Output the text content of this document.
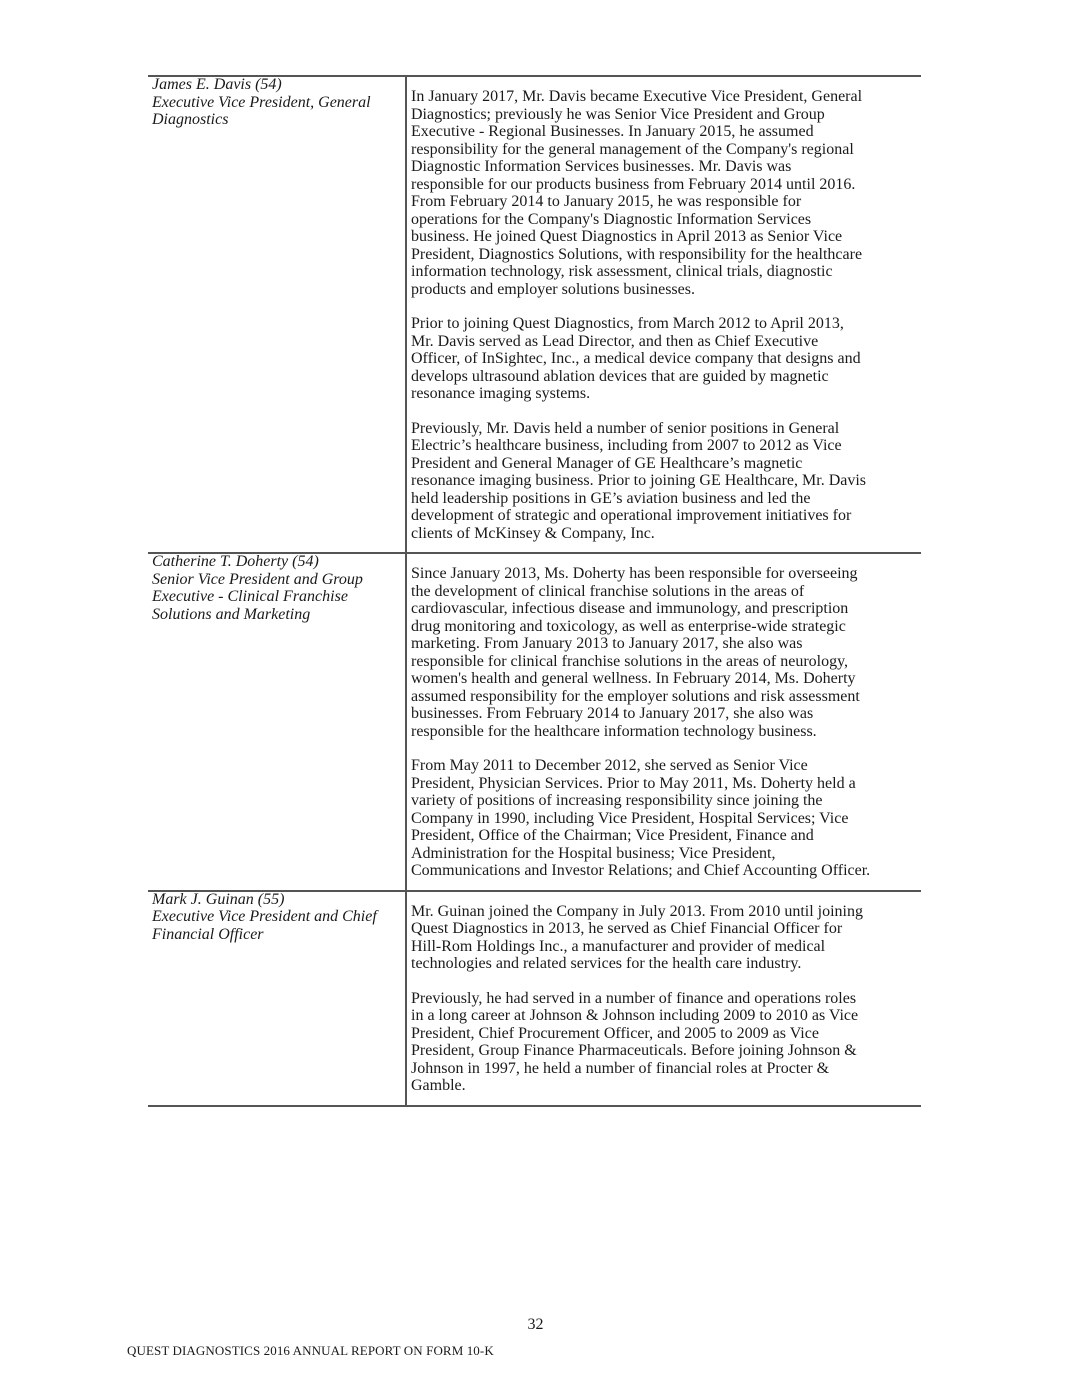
James E. Davis (54)
Executive Vice President, General
Diagnostics

In January 2017, Mr. Davis became Executive Vice President, General
Diagnostics; previously he was Senior Vice President and Group
Executive - Regional Businesses. In January 2015, he assumed
responsibility for the general management of the Company's regional
Diagnostic Information Services businesses. Mr. Davis was
responsible for our products business from February 2014 until 2016.
From February 2014 to January 2015, he was responsible for
operations for the Company's Diagnostic Information Services
business. He joined Quest Diagnostics in April 2013 as Senior Vice
President, Diagnostics Solutions, with responsibility for the healthcare
information technology, risk assessment, clinical trials, diagnostic
products and employer solutions businesses.

Prior to joining Quest Diagnostics, from March 2012 to April 2013,
Mr. Davis served as Lead Director, and then as Chief Executive
Officer, of InSightec, Inc., a medical device company that designs and
develops ultrasound ablation devices that are guided by magnetic
resonance imaging systems.

Previously, Mr. Davis held a number of senior positions in General
Electric’s healthcare business, including from 2007 to 2012 as Vice
President and General Manager of GE Healthcare’s magnetic
resonance imaging business. Prior to joining GE Healthcare, Mr. Davis
held leadership positions in GE’s aviation business and led the
development of strategic and operational improvement initiatives for
clients of McKinsey & Company, Inc.

Catherine T. Doherty (54)
Senior Vice President and Group
Executive - Clinical Franchise
Solutions and Marketing

Since January 2013, Ms. Doherty has been responsible for overseeing
the development of clinical franchise solutions in the areas of
cardiovascular, infectious disease and immunology, and prescription
drug monitoring and toxicology, as well as enterprise-wide strategic
marketing. From January 2013 to January 2017, she also was
responsible for clinical franchise solutions in the areas of neurology,
women's health and general wellness. In February 2014, Ms. Doherty
assumed responsibility for the employer solutions and risk assessment
businesses. From February 2014 to January 2017, she also was
responsible for the healthcare information technology business.

From May 2011 to December 2012, she served as Senior Vice
President, Physician Services. Prior to May 2011, Ms. Doherty held a
variety of positions of increasing responsibility since joining the
Company in 1990, including Vice President, Hospital Services; Vice
President, Office of the Chairman; Vice President, Finance and
Administration for the Hospital business; Vice President,
Communications and Investor Relations; and Chief Accounting Officer.

Mark J. Guinan (55)
Executive Vice President and Chief
Financial Officer

Mr. Guinan joined the Company in July 2013. From 2010 until joining
Quest Diagnostics in 2013, he served as Chief Financial Officer for
Hill-Rom Holdings Inc., a manufacturer and provider of medical
technologies and related services for the health care industry.

Previously, he had served in a number of finance and operations roles
in a long career at Johnson & Johnson including 2009 to 2010 as Vice
President, Chief Procurement Officer, and 2005 to 2009 as Vice
President, Group Finance Pharmaceuticals. Before joining Johnson &
Johnson in 1997, he held a number of financial roles at Procter &
Gamble.

32
QUEST DIAGNOSTICS 2016 ANNUAL REPORT ON FORM 10-K
